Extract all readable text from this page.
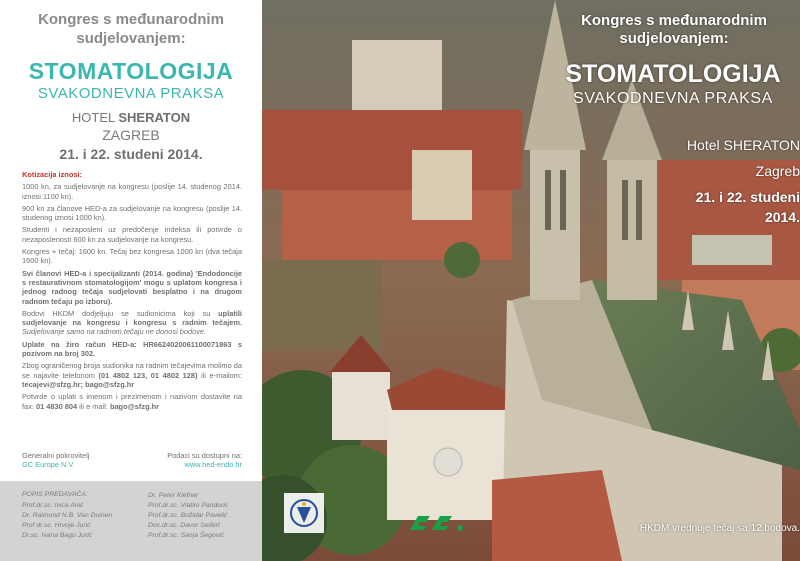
Kongres s međunarodnim
sudjelovanjem:
STOMATOLOGIJA
SVAKODNEVNA PRAKSA
HOTEL SHERATON
ZAGREB
21. i 22. studeni 2014.

Kotizacija iznosi:

1000 kn, za sudjelovanje na kongresu (poslije 14. studenog 2014. iznosi 1100 kn).

900 kn za članove HED-a za sudjelovanje na kongresu (poslije 14. studenog iznosi 1000 kn).

Studenti i nezaposleni uz predočenje indeksa ili potvrde o nezaposlenosti 600 kn za sudjelovanje na kongresu.

Kongres + tečaj: 1600 kn. Tečaj bez kongresa 1000 kn (dva tečaja 1600 kn).

Svi članovi HED-a i specijalizanti (2014. godina) 'Endodoncije s restaurativnom stomatologijom' mogu s uplatom kongresa i jednog radnog tečaja sudjelovati besplatno i na drugom radnom tečaju po izboru).

Bodovi HKDM dodjeljuju se sudionicima koji su uplatili sudjelovanje na kongresu i kongresu s radnim tečajem. Sudjelovanje samo na radnom tečaju ne donosi bodove.

Uplate na žiro račun HED-a: HR6624020061100071863 s pozivom na broj 302.

Zbog ograničenog broja sudionika na radnim tečajevima molimo da se najavite telefonom (01 4802 123, 01 4802 128) ili e-mailom: tecajevi@sfzg.hr; bago@sfzg.hr

Potvrde o uplati s imenom i prezimenom i nazivom dostavite na fax: 01 4830 804 ili e mail: bago@sfzg.hr

Generalni pokrovitelj
GC Europe N.V.
Podaci su dostupni na:
www.hed-endo.hr
POPIS PREDAVAČA:
Prof.dr.sc. Ivica Anić
Dr. Raimond N.B. Van Duinen
Prof dr.sc. Hrvoje Jurić
Dr.sc. Ivana Bago Jurić
Dr. Peter Kiefner
Prof.dr.sc. Vlatko Pandurić
Prof.dr.sc. Božidar Pavelić
Doc.dr.sc. Davor Seifert
Prof.dr.sc. Sanja Šegović
Kongres s međunarodnim
sudjelovanjem:
STOMATOLOGIJA
SVAKODNEVNA PRAKSA
Hotel SHERATON
Zagreb
21. i 22. studeni
2014.
HKDM vrednuje tečaj sa 12 bodova.
